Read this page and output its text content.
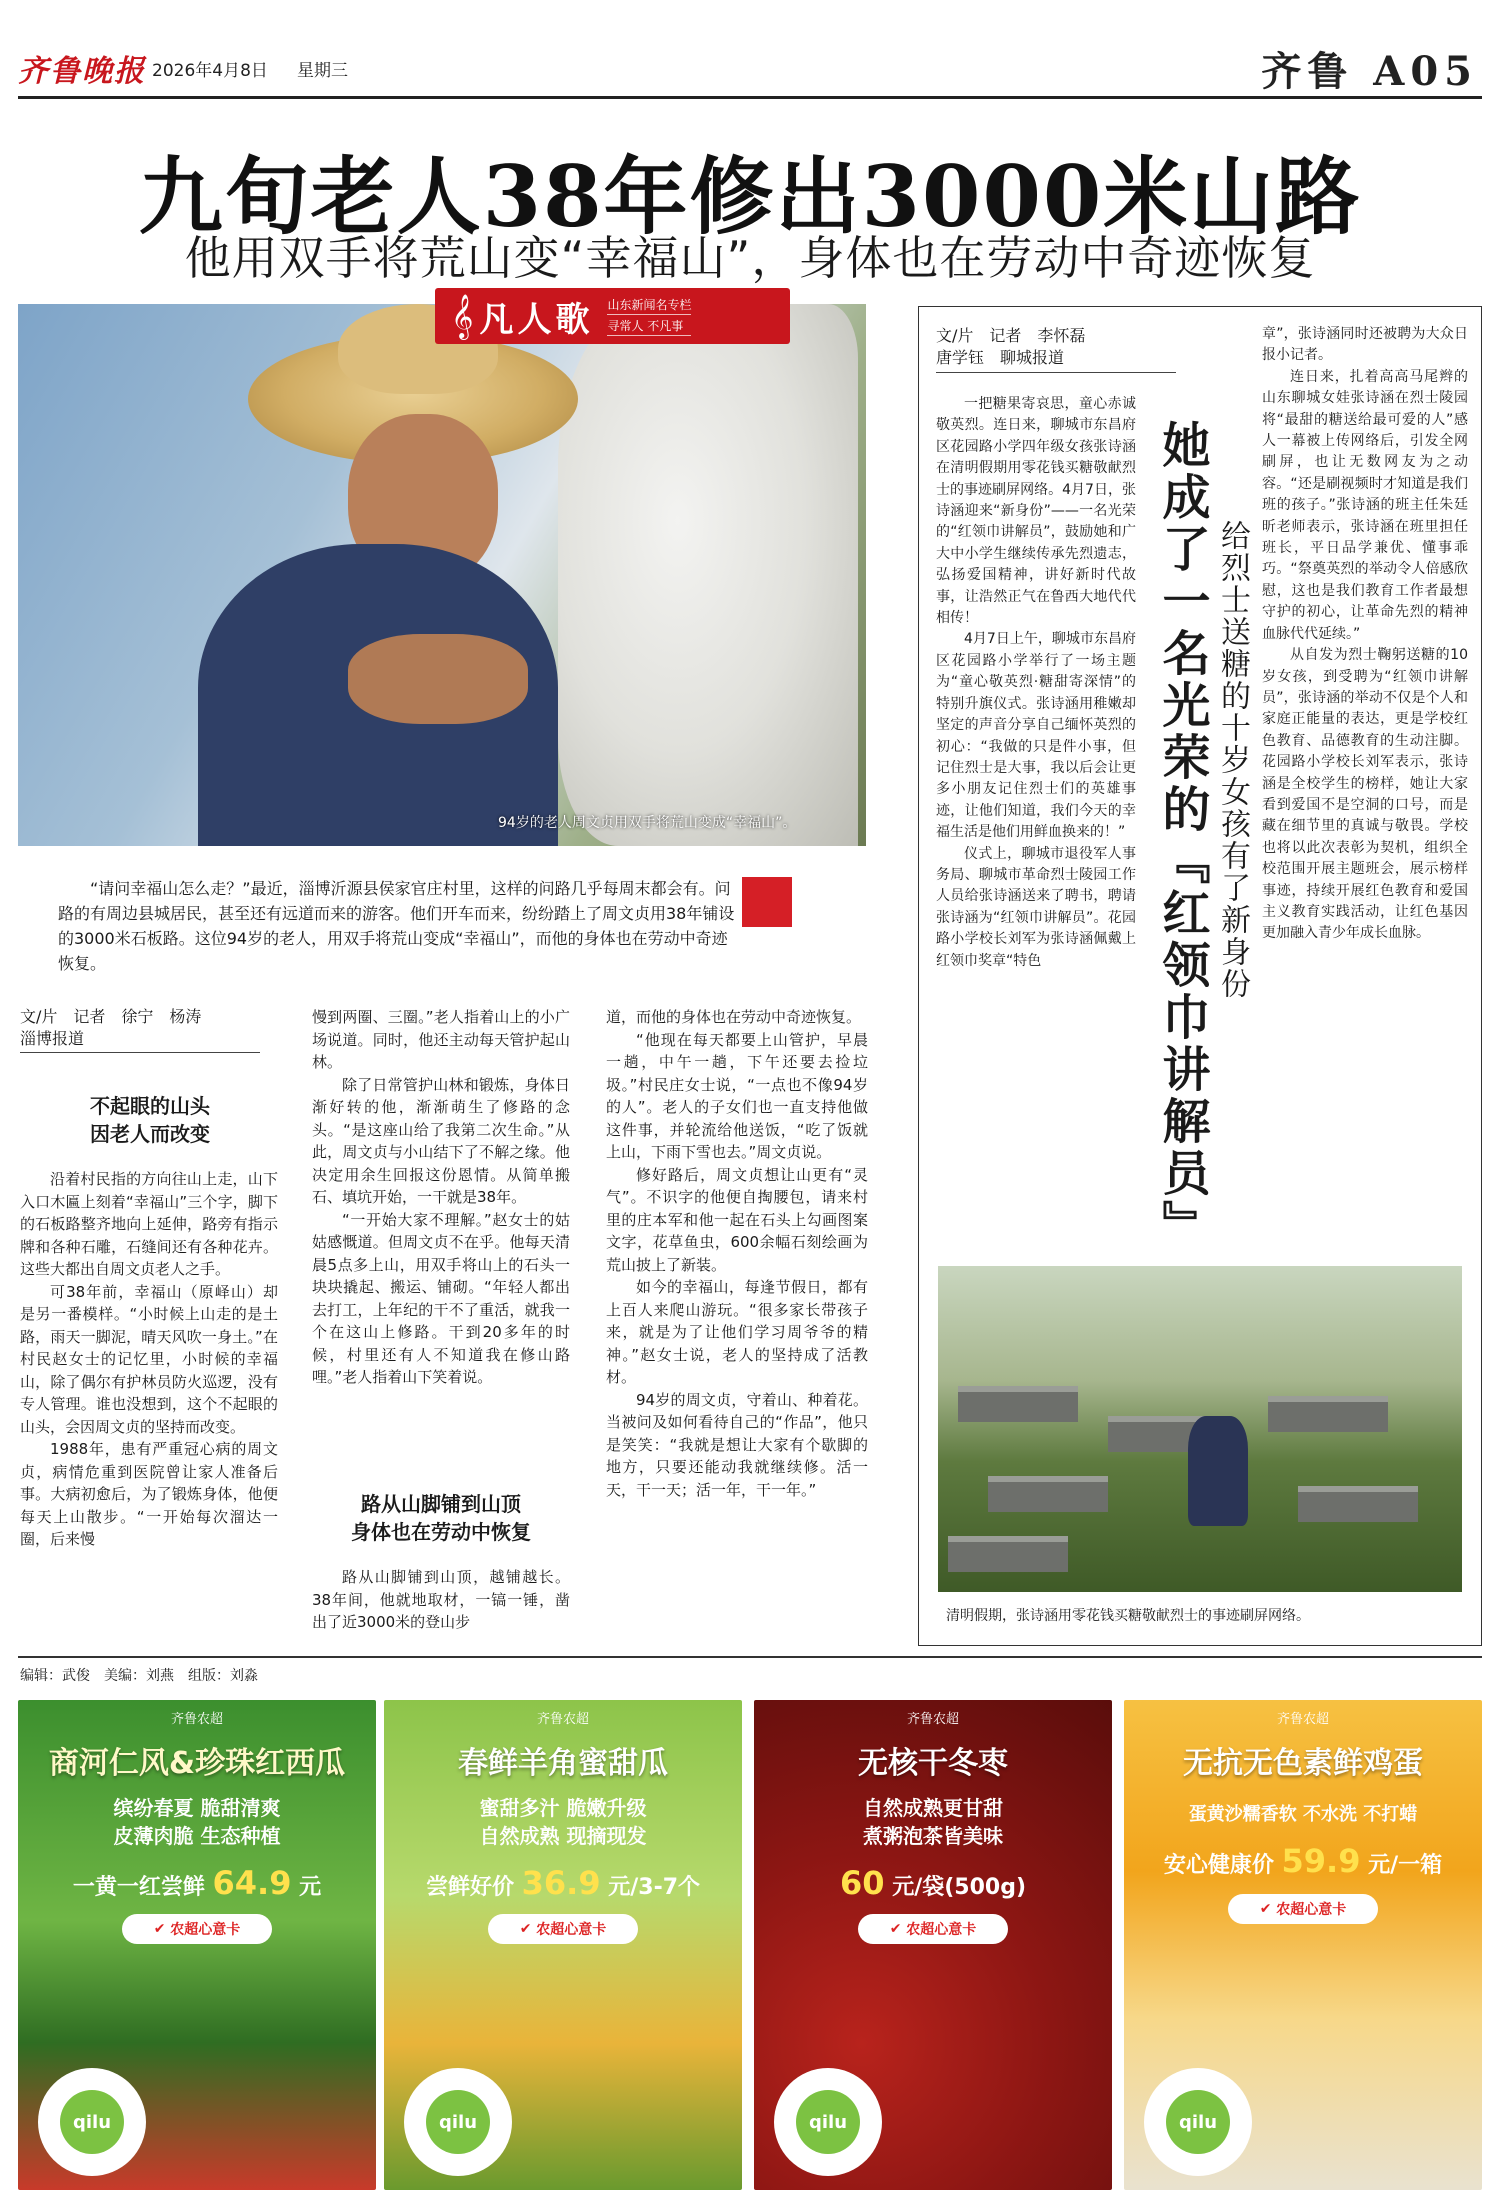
齐鲁晚报 2026年4月8日 星期三	齐鲁 A05
九旬老人38年修出3000米山路
他用双手将荒山变“幸福山”，身体也在劳动中奇迹恢复
94岁的老人周文贞用双手将荒山变成“幸福山”。
𝄞 凡人歌 山东新闻名专栏
寻常人 不凡事
“请问幸福山怎么走？”最近，淄博沂源县侯家官庄村里，这样的问路几乎每周末都会有。问路的有周边县城居民，甚至还有远道而来的游客。他们开车而来，纷纷踏上了周文贞用38年铺设的3000米石板路。这位94岁的老人，用双手将荒山变成“幸福山”，而他的身体也在劳动中奇迹恢复。
文/片　记者　徐宁　杨涛
淄博报道
不起眼的山头
因老人而改变

沿着村民指的方向往山上走，山下入口木匾上刻着“幸福山”三个字，脚下的石板路整齐地向上延伸，路旁有指示牌和各种石雕，石缝间还有各种花卉。这些大都出自周文贞老人之手。

可38年前，幸福山（原峄山）却是另一番模样。“小时候上山走的是土路，雨天一脚泥，晴天风吹一身土。”在村民赵女士的记忆里，小时候的幸福山，除了偶尔有护林员防火巡逻，没有专人管理。谁也没想到，这个不起眼的山头，会因周文贞的坚持而改变。

1988年，患有严重冠心病的周文贞，病情危重到医院曾让家人准备后事。大病初愈后，为了锻炼身体，他便每天上山散步。“一开始每次溜达一圈，后来慢

慢到两圈、三圈。”老人指着山上的小广场说道。同时，他还主动每天管护起山林。

除了日常管护山林和锻炼，身体日渐好转的他，渐渐萌生了修路的念头。“是这座山给了我第二次生命。”从此，周文贞与小山结下了不解之缘。他决定用余生回报这份恩情。从简单搬石、填坑开始，一干就是38年。

“一开始大家不理解。”赵女士的姑姑感慨道。但周文贞不在乎。他每天清晨5点多上山，用双手将山上的石头一块块撬起、搬运、铺砌。“年轻人都出去打工，上年纪的干不了重活，就我一个在这山上修路。干到20多年的时候，村里还有人不知道我在修山路哩。”老人指着山下笑着说。

路从山脚铺到山顶
身体也在劳动中恢复

路从山脚铺到山顶，越铺越长。38年间，他就地取材，一镐一锤，凿出了近3000米的登山步

道，而他的身体也在劳动中奇迹恢复。

“他现在每天都要上山管护，早晨一趟，中午一趟，下午还要去捡垃圾。”村民庄女士说，“一点也不像94岁的人”。老人的子女们也一直支持他做这件事，并轮流给他送饭，“吃了饭就上山，下雨下雪也去。”周文贞说。

修好路后，周文贞想让山更有“灵气”。不识字的他便自掏腰包，请来村里的庄本军和他一起在石头上勾画图案文字，花草鱼虫，600余幅石刻绘画为荒山披上了新装。

如今的幸福山，每逢节假日，都有上百人来爬山游玩。“很多家长带孩子来，就是为了让他们学习周爷爷的精神。”赵女士说，老人的坚持成了活教材。

94岁的周文贞，守着山、种着花。当被问及如何看待自己的“作品”，他只是笑笑：“我就是想让大家有个歇脚的地方，只要还能动我就继续修。活一天，干一天；活一年，干一年。”

文/片　记者　李怀磊
唐学钰　聊城报道

一把糖果寄哀思，童心赤诚敬英烈。连日来，聊城市东昌府区花园路小学四年级女孩张诗涵在清明假期用零花钱买糖敬献烈士的事迹刷屏网络。4月7日，张诗涵迎来“新身份”——一名光荣的“红领巾讲解员”，鼓励她和广大中小学生继续传承先烈遗志，弘扬爱国精神，讲好新时代故事，让浩然正气在鲁西大地代代相传！

4月7日上午，聊城市东昌府区花园路小学举行了一场主题为“童心敬英烈·糖甜寄深情”的特别升旗仪式。张诗涵用稚嫩却坚定的声音分享自己缅怀英烈的初心：“我做的只是件小事，但记住烈士是大事，我以后会让更多小朋友记住烈士们的英雄事迹，让他们知道，我们今天的幸福生活是他们用鲜血换来的！”

仪式上，聊城市退役军人事务局、聊城市革命烈士陵园工作人员给张诗涵送来了聘书，聘请张诗涵为“红领巾讲解员”。花园路小学校长刘军为张诗涵佩戴上红领巾奖章“特色	她成了一名光荣的『红领巾讲解员』 给烈士送糖的十岁女孩有了新身份

章”，张诗涵同时还被聘为大众日报小记者。

连日来，扎着高高马尾辫的山东聊城女娃张诗涵在烈士陵园将“最甜的糖送给最可爱的人”感人一幕被上传网络后，引发全网刷屏，也让无数网友为之动容。“还是刷视频时才知道是我们班的孩子。”张诗涵的班主任朱廷昕老师表示，张诗涵在班里担任班长，平日品学兼优、懂事乖巧。“祭奠英烈的举动令人倍感欣慰，这也是我们教育工作者最想守护的初心，让革命先烈的精神血脉代代延续。”

从自发为烈士鞠躬送糖的10岁女孩，到受聘为“红领巾讲解员”，张诗涵的举动不仅是个人和家庭正能量的表达，更是学校红色教育、品德教育的生动注脚。花园路小学校长刘军表示，张诗涵是全校学生的榜样，她让大家看到爱国不是空洞的口号，而是藏在细节里的真诚与敬畏。学校也将以此次表彰为契机，组织全校范围开展主题班会，展示榜样事迹，持续开展红色教育和爱国主义教育实践活动，让红色基因更加融入青少年成长血脉。

清明假期，张诗涵用零花钱买糖敬献烈士的事迹刷屏网络。
编辑：武俊　美编：刘燕　组版：刘淼
齐鲁农超
商河仁风&珍珠红西瓜
缤纷春夏 脆甜清爽
皮薄肉脆 生态种植
一黄一红尝鲜 64.9 元
✔
农超心意卡
qilu
齐鲁农超
春鲜羊角蜜甜瓜
蜜甜多汁 脆嫩升级
自然成熟 现摘现发
尝鲜好价 36.9 元/3-7个
✔
农超心意卡
qilu
齐鲁农超
无核干冬枣
自然成熟更甘甜
煮粥泡茶皆美味
60 元/袋(500g)
✔
农超心意卡
qilu
齐鲁农超
无抗无色素鲜鸡蛋
蛋黄沙糯香软 不水洗 不打蜡
安心健康价 59.9 元/一箱
✔
农超心意卡
qilu
